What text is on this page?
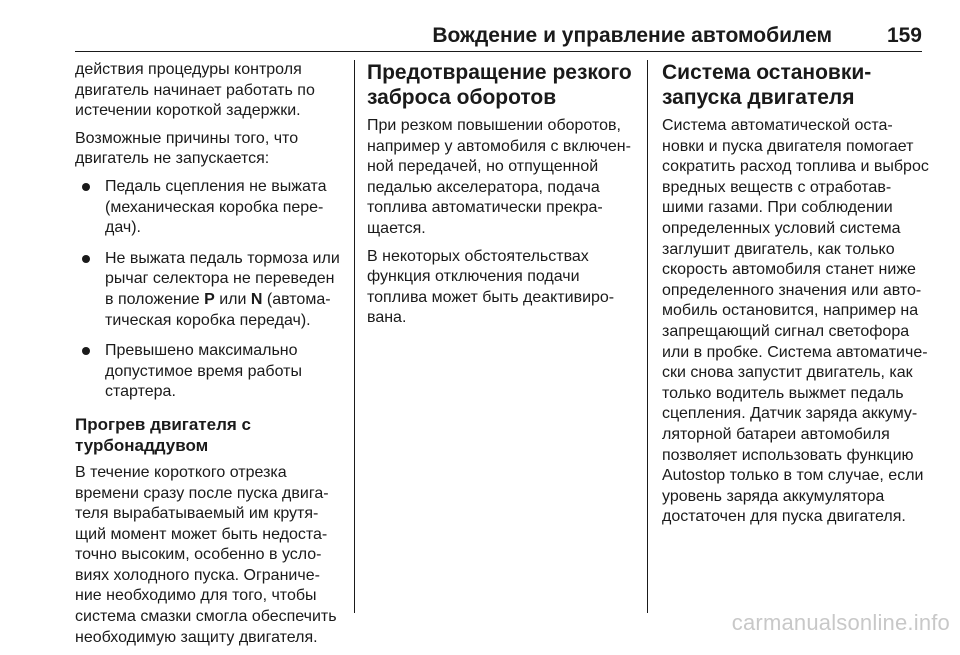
Вождение и управление автомобилем	159

действия процедуры контроля
двигатель начинает работать по
истечении короткой задержки.

Возможные причины того, что
двигатель не запускается:

Педаль сцепления не выжата
(механическая коробка пере-
дач).
Не выжата педаль тормоза или
рычаг селектора не переведен
в положение P или N (автома-
тическая коробка передач).
Превышено максимально
допустимое время работы
стартера.
Прогрев двигателя с
турбонаддувом

В течение короткого отрезка
времени сразу после пуска двига-
теля вырабатываемый им крутя-
щий момент может быть недоста-
точно высоким, особенно в усло-
виях холодного пуска. Ограниче-
ние необходимо для того, чтобы
система смазки смогла обеспечить
необходимую защиту двигателя.

Предотвращение резкого
заброса оборотов

При резком повышении оборотов,
например у автомобиля с включен-
ной передачей, но отпущенной
педалью акселератора, подача
топлива автоматически прекра-
щается.

В некоторых обстоятельствах
функция отключения подачи
топлива может быть деактивиро-
вана.

Система остановки-
запуска двигателя

Система автоматической оста-
новки и пуска двигателя помогает
сократить расход топлива и выброс
вредных веществ с отработав-
шими газами. При соблюдении
определенных условий система
заглушит двигатель, как только
скорость автомобиля станет ниже
определенного значения или авто-
мобиль остановится, например на
запрещающий сигнал светофора
или в пробке. Система автоматиче-
ски снова запустит двигатель, как
только водитель выжмет педаль
сцепления. Датчик заряда аккуму-
ляторной батареи автомобиля
позволяет использовать функцию
Autostop только в том случае, если
уровень заряда аккумулятора
достаточен для пуска двигателя.

carmanualsonline.info
